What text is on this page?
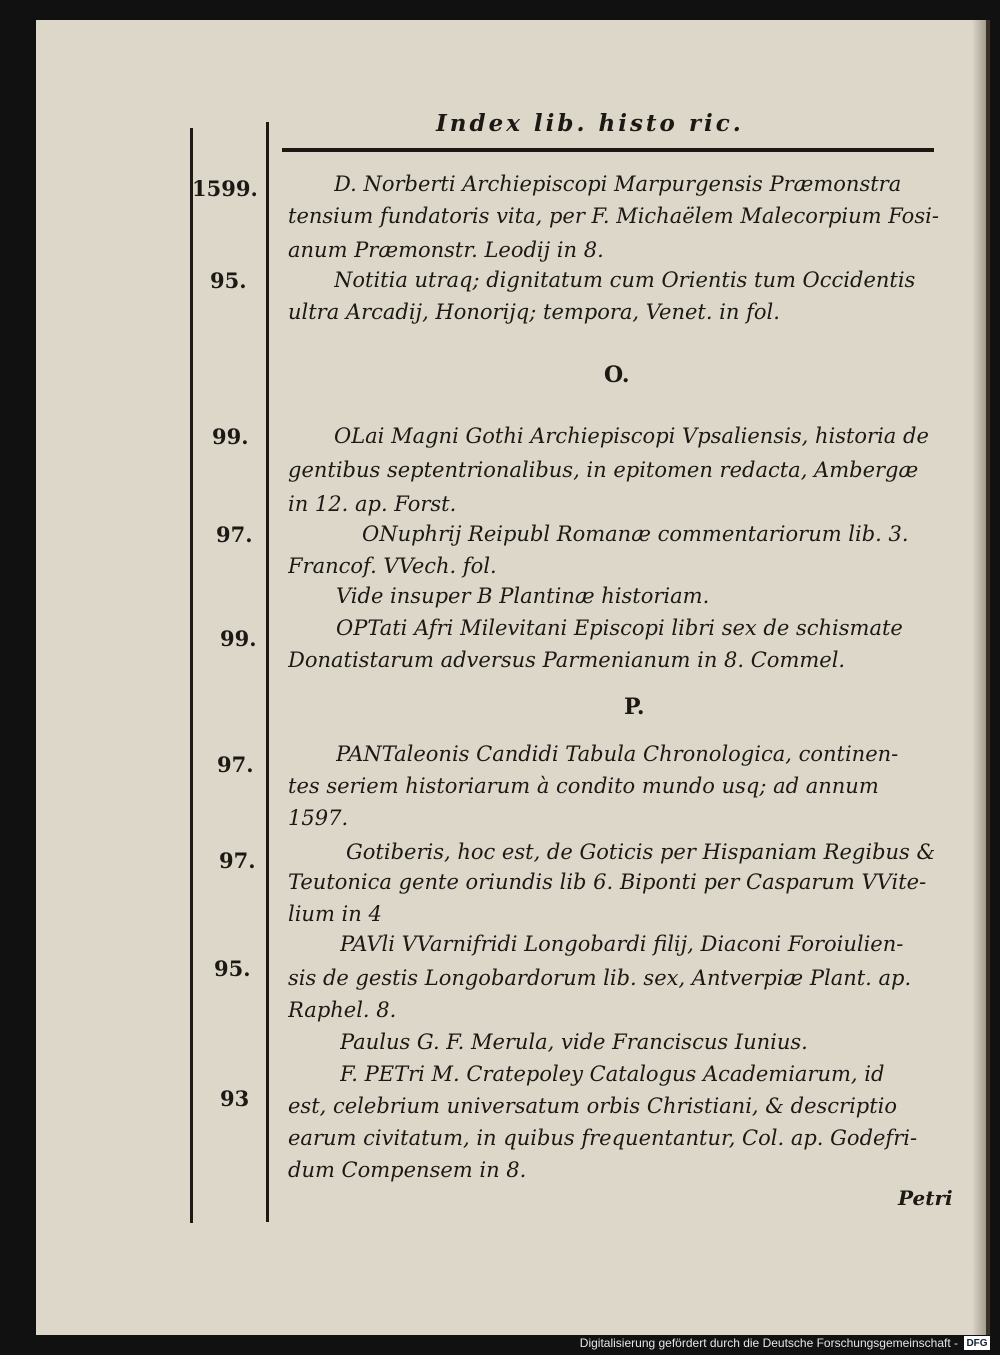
Index lib. histo ric.
1599.
95.
99.
97.
99.
97.
97.
95.
93
O.
P.
D. Norberti Archiepiscopi Marpurgensis Præmonstra
tensium fundatoris vita, per F. Michaëlem Malecorpium Fosi-
anum Præmonstr. Leodij in 8.
Notitia utraq; dignitatum cum Orientis tum Occidentis
ultra Arcadij, Honorijq; tempora, Venet. in fol.
OLai Magni Gothi Archiepiscopi Vpsaliensis, historia de
gentibus septentrionalibus, in epitomen redacta, Ambergæ
in 12. ap. Forst.
ONuphrij Reipubl Romanæ commentariorum lib. 3.
Francof. VVech. fol.
Vide insuper B Plantinæ historiam.
OPTati Afri Milevitani Episcopi libri sex de schismate
Donatistarum adversus Parmenianum in 8. Commel.
PANTaleonis Candidi Tabula Chronologica, continen-
tes seriem historiarum à condito mundo usq; ad annum
1597.
Gotiberis, hoc est, de Goticis per Hispaniam Regibus &
Teutonica gente oriundis lib 6. Biponti per Casparum VVite-
lium in 4
PAVli VVarnifridi Longobardi filij, Diaconi Foroiulien-
sis de gestis Longobardorum lib. sex, Antverpiæ Plant. ap.
Raphel. 8.
Paulus G. F. Merula, vide Franciscus Iunius.
F. PETri M. Cratepoley Catalogus Academiarum, id
est, celebrium universatum orbis Christiani, & descriptio
earum civitatum, in quibus frequentantur, Col. ap. Godefri-
dum Compensem in 8.
Petri
Digitalisierung gefördert durch die Deutsche Forschungsgemeinschaft - DFG
